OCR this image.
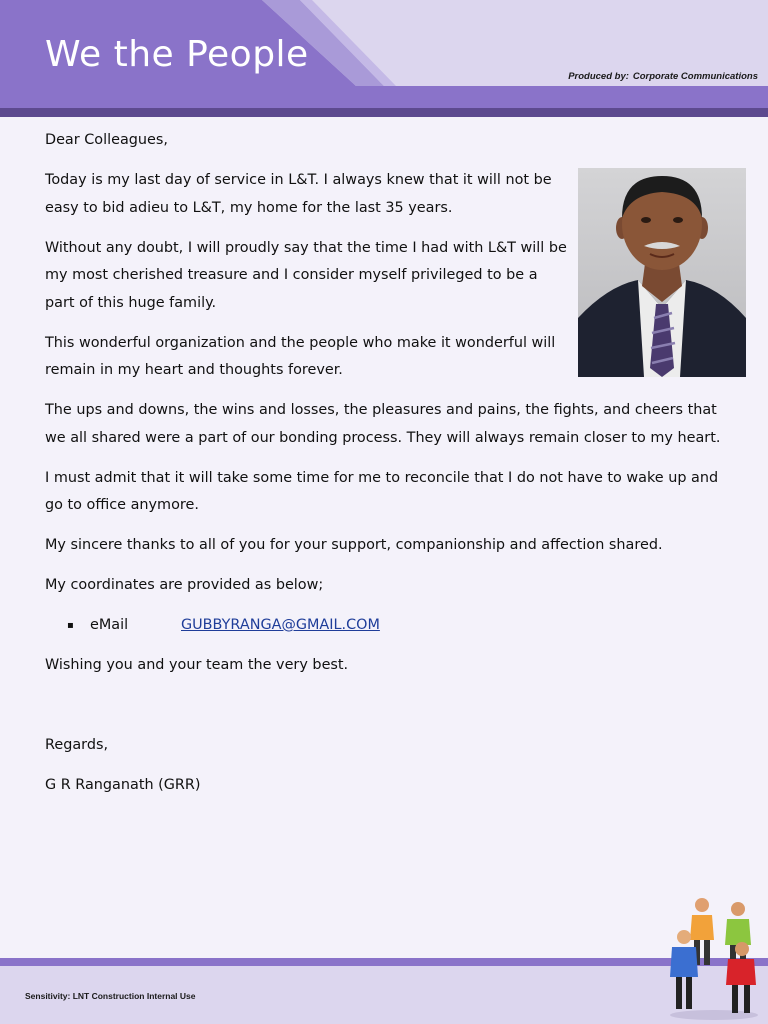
We the People
Produced by: Corporate Communications

Dear Colleagues,

Today is my last day of service in L&T. I always knew that it will not be easy to bid adieu to L&T, my home for the last 35 years.

Without any doubt, I will proudly say that the time I had with L&T will be my most cherished treasure and I consider myself privileged to be a part of this huge family.

This wonderful organization and the people who make it wonderful will remain in my heart and thoughts forever.

The ups and downs, the wins and losses, the pleasures and pains, the fights, and cheers that we all shared were a part of our bonding process. They will always remain closer to my heart.

I must admit that it will take some time for me to reconcile that I do not have to wake up and go to office anymore.

My sincere thanks to all of you for your support, companionship and affection shared.

My coordinates are provided as below;

▪	eMail	GUBBYRANGA@GMAIL.COM

Wishing you and your team the very best.

Regards,

G R Ranganath (GRR)

Sensitivity: LNT Construction Internal Use
